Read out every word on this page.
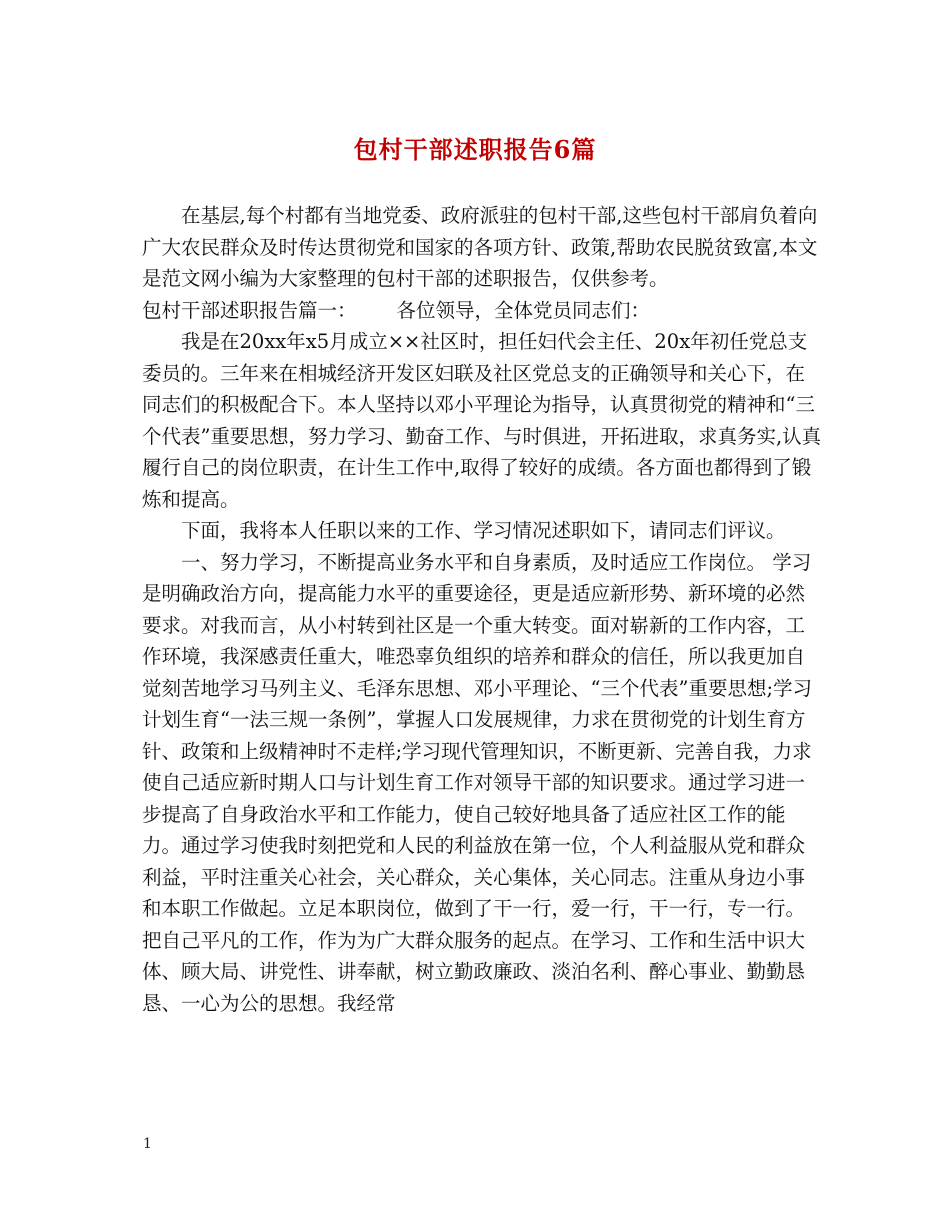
包村干部述职报告6篇

在基层,每个村都有当地党委、政府派驻的包村干部,这些包村干部肩负着向广大农民群众及时传达贯彻党和国家的各项方针、政策,帮助农民脱贫致富,本文是范文网小编为大家整理的包村干部的述职报告，仅供参考。

包村干部述职报告篇一： 各位领导，全体党员同志们：

我是在20xx年x5月成立××社区时，担任妇代会主任、20x年初任党总支委员的。三年来在相城经济开发区妇联及社区党总支的正确领导和关心下，在同志们的积极配合下。本人坚持以邓小平理论为指导，认真贯彻党的精神和“三个代表”重要思想，努力学习、勤奋工作、与时俱进，开拓进取，求真务实,认真履行自己的岗位职责，在计生工作中,取得了较好的成绩。各方面也都得到了锻炼和提高。

下面，我将本人任职以来的工作、学习情况述职如下，请同志们评议。

一、努力学习，不断提高业务水平和自身素质，及时适应工作岗位。 学习是明确政治方向，提高能力水平的重要途径，更是适应新形势、新环境的必然要求。对我而言，从小村转到社区是一个重大转变。面对崭新的工作内容，工作环境，我深感责任重大，唯恐辜负组织的培养和群众的信任，所以我更加自觉刻苦地学习马列主义、毛泽东思想、邓小平理论、“三个代表”重要思想;学习计划生育“一法三规一条例”，掌握人口发展规律，力求在贯彻党的计划生育方针、政策和上级精神时不走样;学习现代管理知识，不断更新、完善自我，力求使自己适应新时期人口与计划生育工作对领导干部的知识要求。通过学习进一步提高了自身政治水平和工作能力，使自己较好地具备了适应社区工作的能力。通过学习使我时刻把党和人民的利益放在第一位，个人利益服从党和群众利益，平时注重关心社会，关心群众，关心集体，关心同志。注重从身边小事和本职工作做起。立足本职岗位，做到了干一行，爱一行，干一行，专一行。把自己平凡的工作，作为为广大群众服务的起点。在学习、工作和生活中识大体、顾大局、讲党性、讲奉献，树立勤政廉政、淡泊名利、醉心事业、勤勤恳恳、一心为公的思想。我经常

1
